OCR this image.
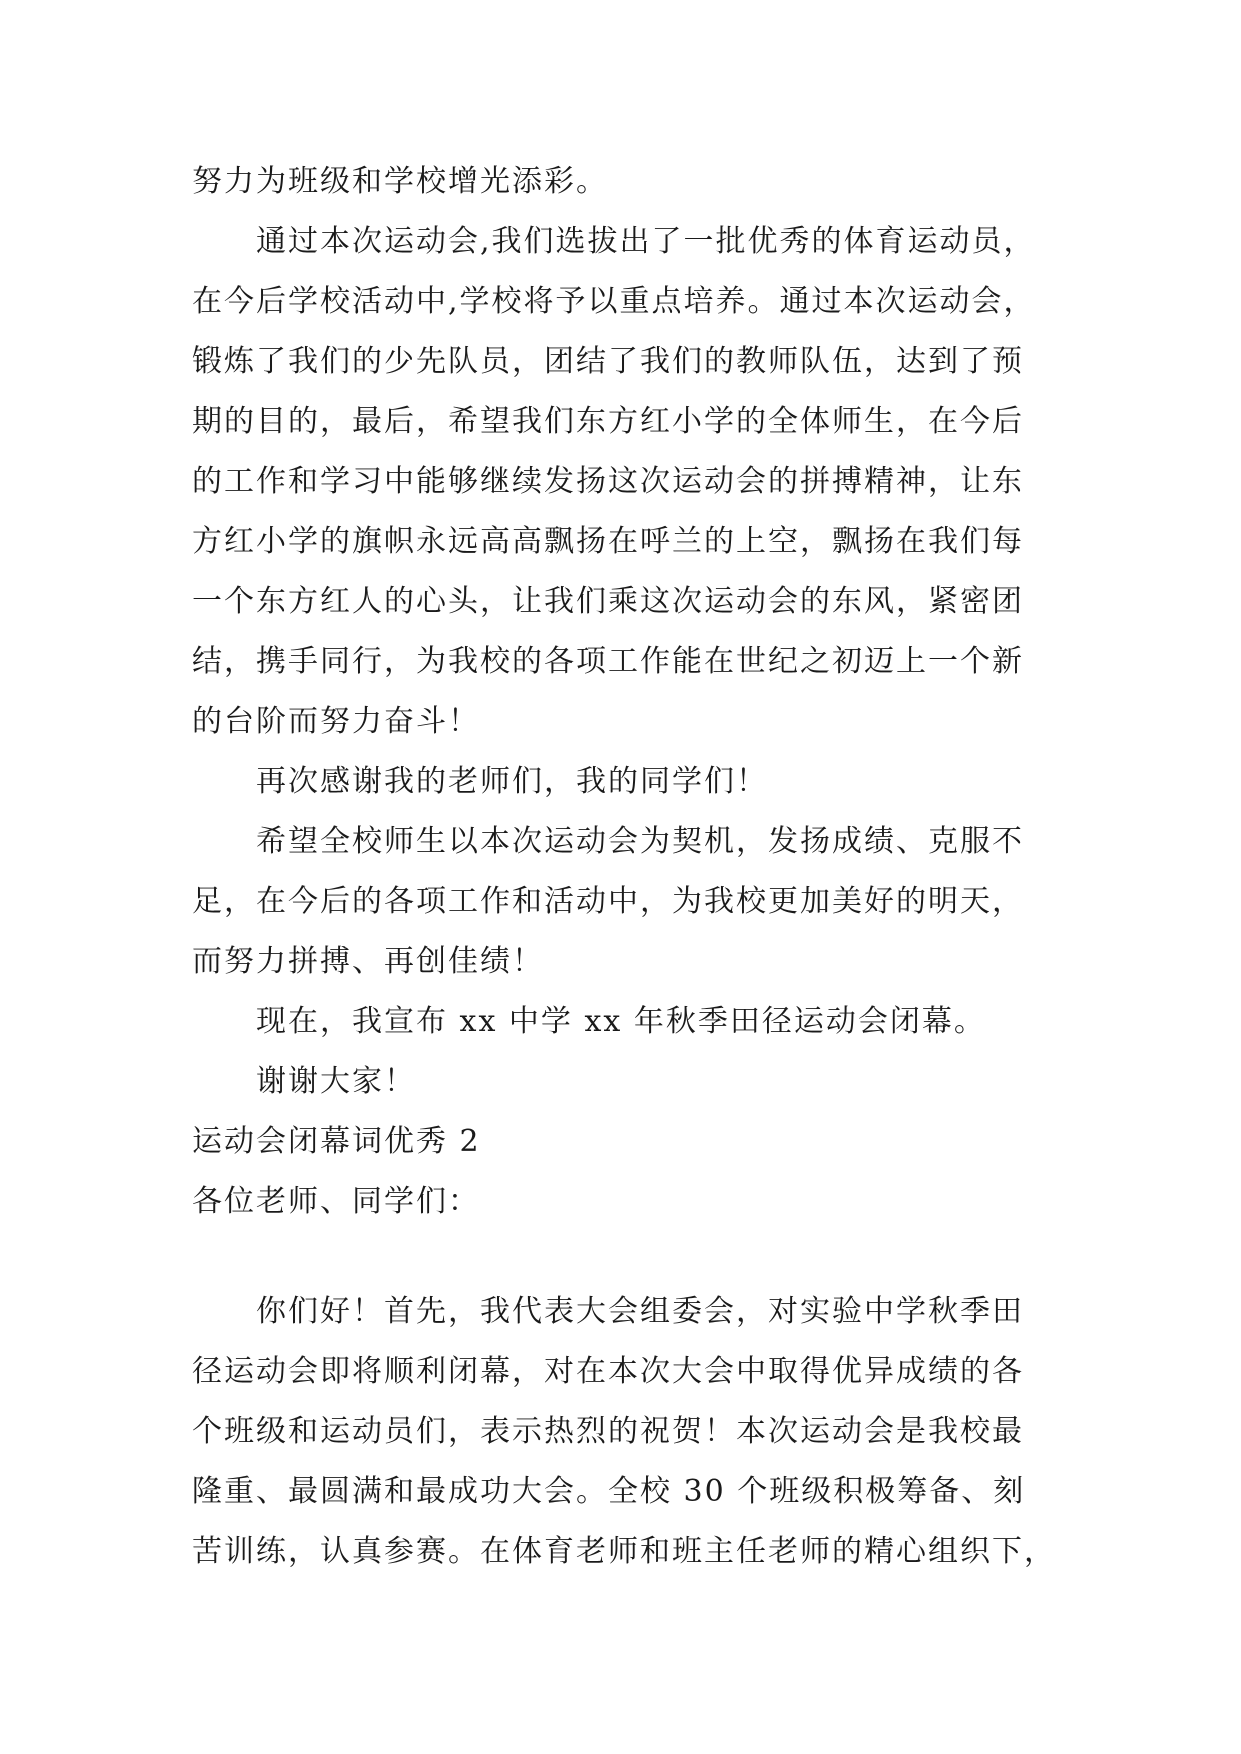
努力为班级和学校增光添彩。

通过本次运动会,我们选拔出了一批优秀的体育运动员，

在今后学校活动中,学校将予以重点培养。通过本次运动会，

锻炼了我们的少先队员，团结了我们的教师队伍，达到了预

期的目的，最后，希望我们东方红小学的全体师生，在今后

的工作和学习中能够继续发扬这次运动会的拼搏精神，让东

方红小学的旗帜永远高高飘扬在呼兰的上空，飘扬在我们每

一个东方红人的心头，让我们乘这次运动会的东风，紧密团

结，携手同行，为我校的各项工作能在世纪之初迈上一个新

的台阶而努力奋斗！

再次感谢我的老师们，我的同学们！

希望全校师生以本次运动会为契机，发扬成绩、克服不

足，在今后的各项工作和活动中，为我校更加美好的明天，

而努力拼搏、再创佳绩！

现在，我宣布 xx 中学 xx 年秋季田径运动会闭幕。

谢谢大家！

运动会闭幕词优秀 2

各位老师、同学们：

你们好！首先，我代表大会组委会，对实验中学秋季田

径运动会即将顺利闭幕，对在本次大会中取得优异成绩的各

个班级和运动员们，表示热烈的祝贺！本次运动会是我校最

隆重、最圆满和最成功大会。全校 30 个班级积极筹备、刻

苦训练，认真参赛。在体育老师和班主任老师的精心组织下，
